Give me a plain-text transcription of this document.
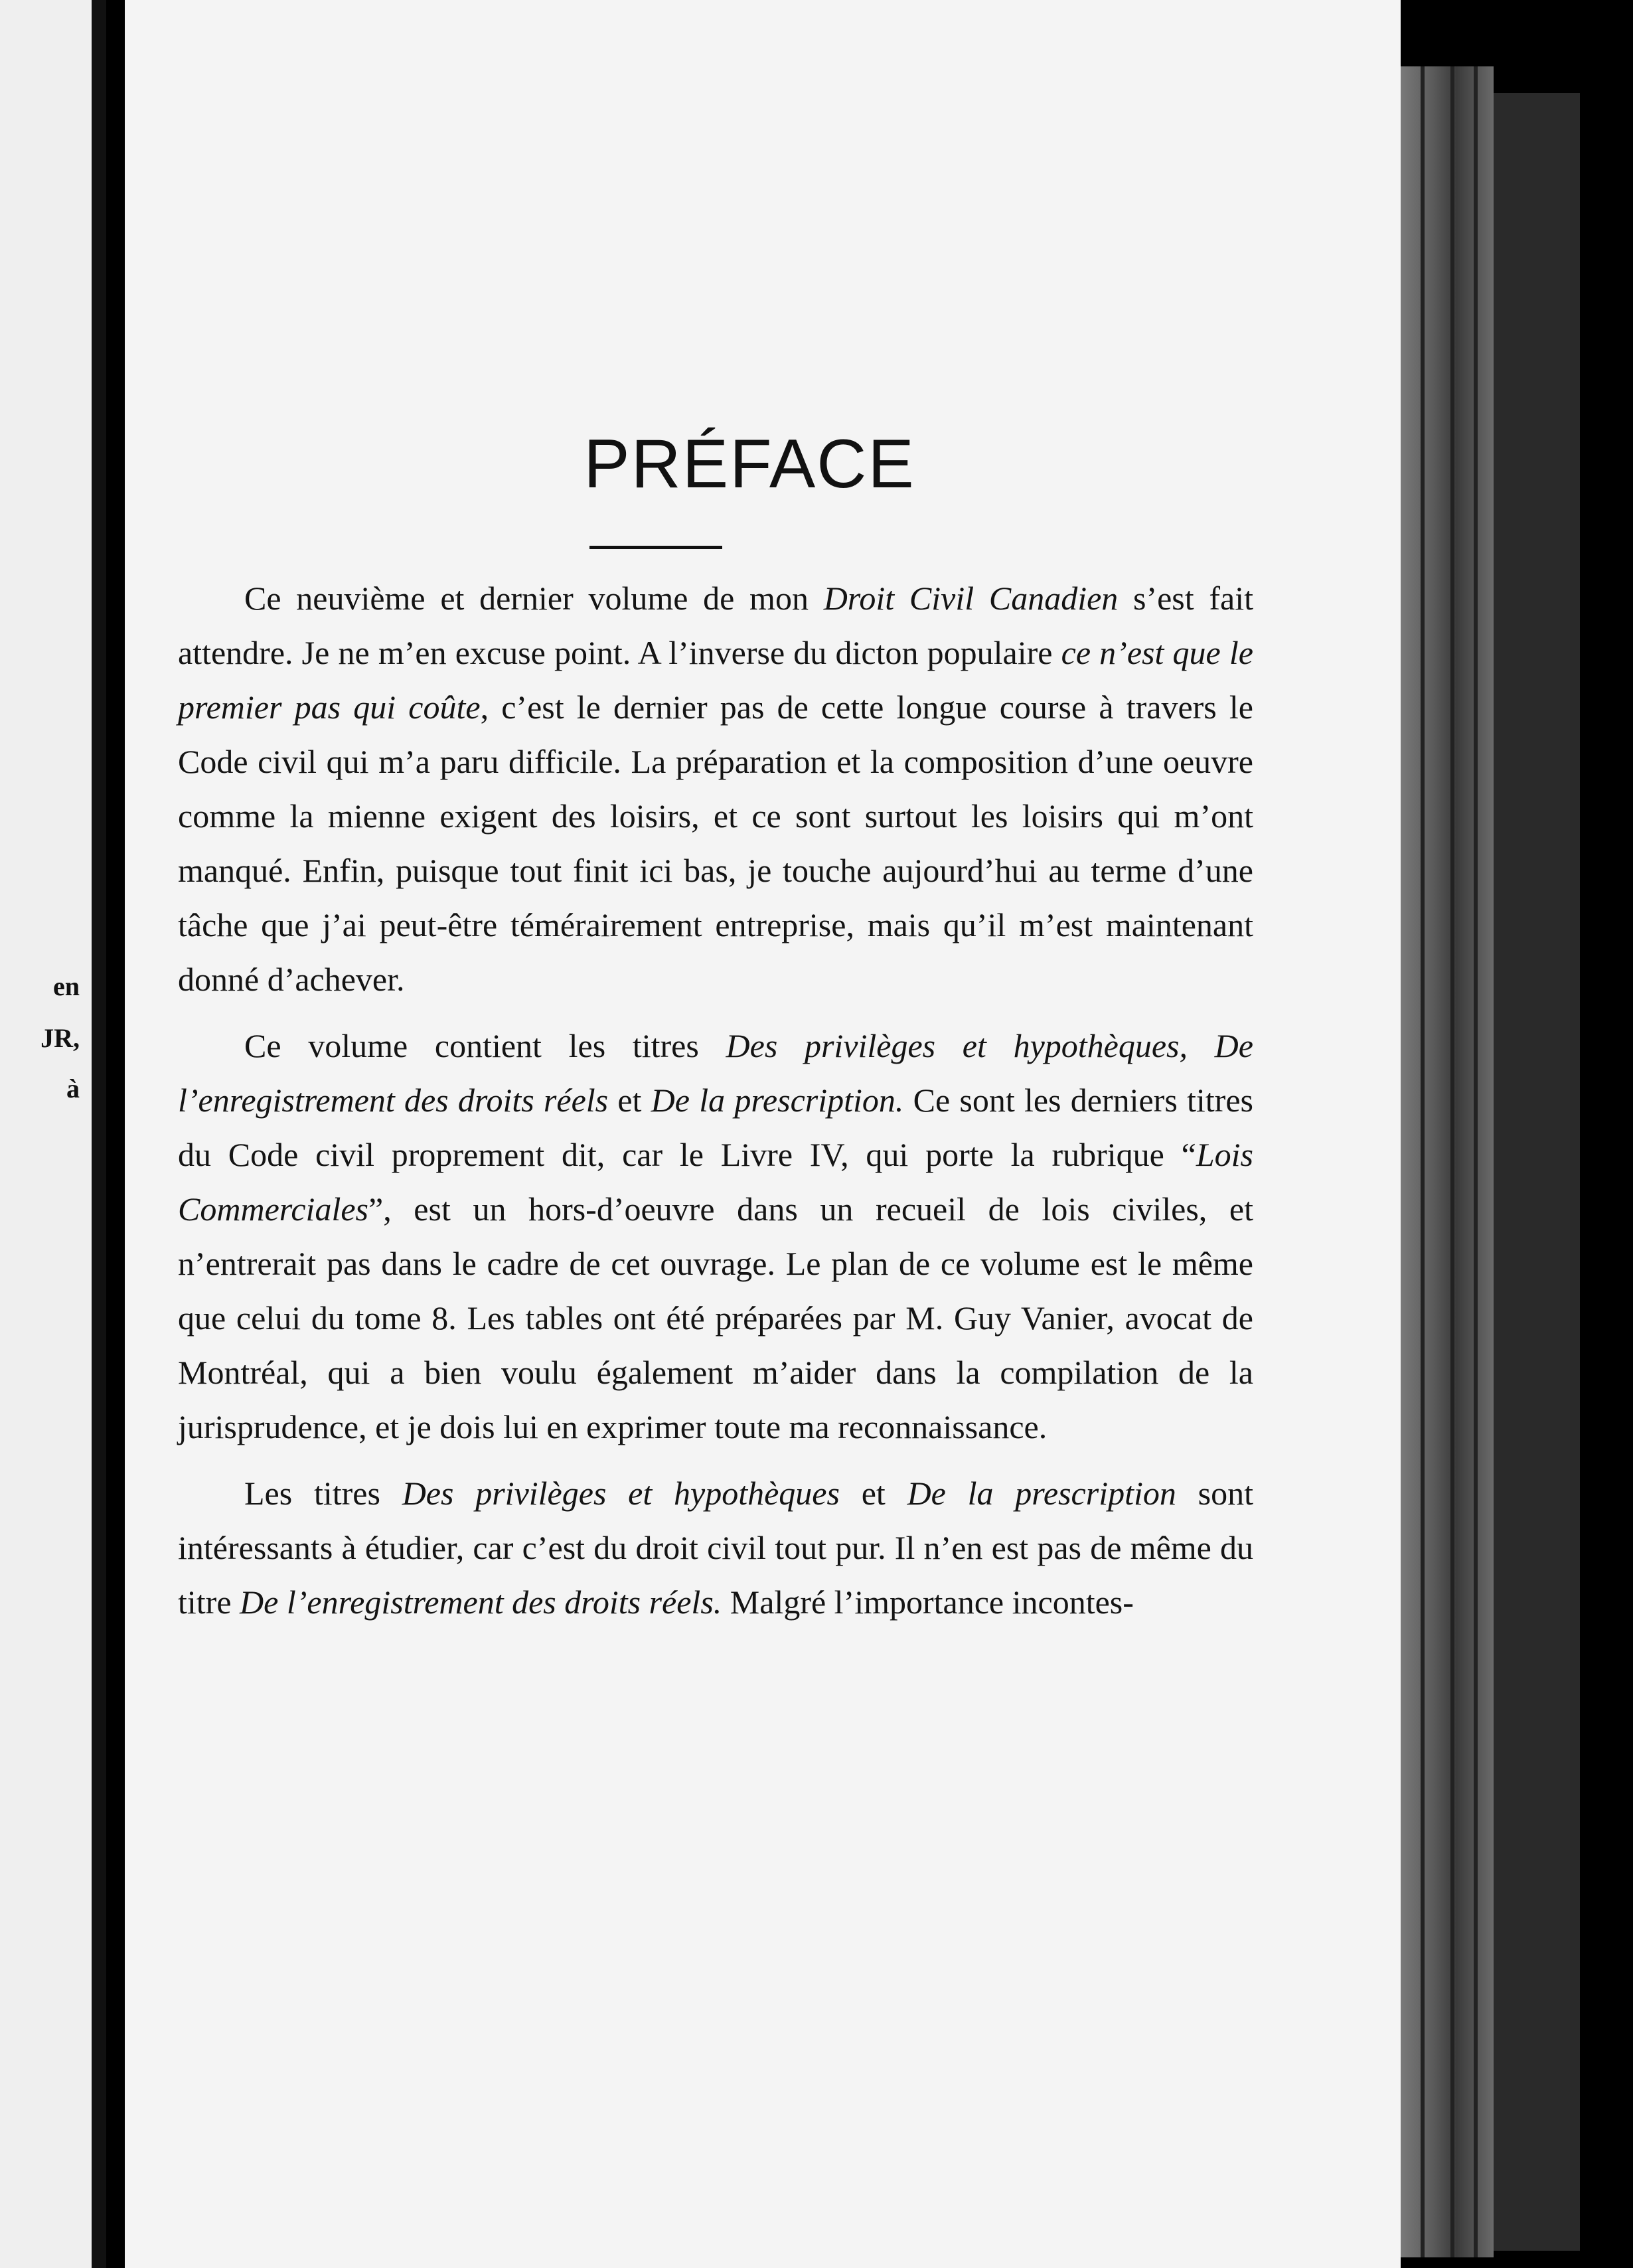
en
JR,
à
PRÉFACE

Ce neuvième et dernier volume de mon Droit Civil Canadien s’est fait attendre. Je ne m’en excuse point. A l’inverse du dicton populaire ce n’est que le premier pas qui coûte, c’est le dernier pas de cette longue course à travers le Code civil qui m’a paru difficile. La préparation et la composition d’une oeuvre comme la mienne exigent des loisirs, et ce sont surtout les loisirs qui m’ont manqué. Enfin, puisque tout finit ici bas, je touche aujourd’hui au terme d’une tâche que j’ai peut-être témérairement entreprise, mais qu’il m’est maintenant donné d’achever.

Ce volume contient les titres Des privilèges et hypothèques, De l’enregistrement des droits réels et De la prescription. Ce sont les derniers titres du Code civil proprement dit, car le Livre IV, qui porte la rubrique “Lois Commerciales”, est un hors-d’oeuvre dans un recueil de lois civiles, et n’entrerait pas dans le cadre de cet ouvrage. Le plan de ce volume est le même que celui du tome 8. Les tables ont été préparées par M. Guy Vanier, avocat de Montréal, qui a bien voulu également m’aider dans la compilation de la jurisprudence, et je dois lui en exprimer toute ma reconnaissance.

Les titres Des privilèges et hypothèques et De la prescription sont intéressants à étudier, car c’est du droit civil tout pur. Il n’en est pas de même du titre De l’enregistrement des droits réels. Malgré l’importance incontes-
